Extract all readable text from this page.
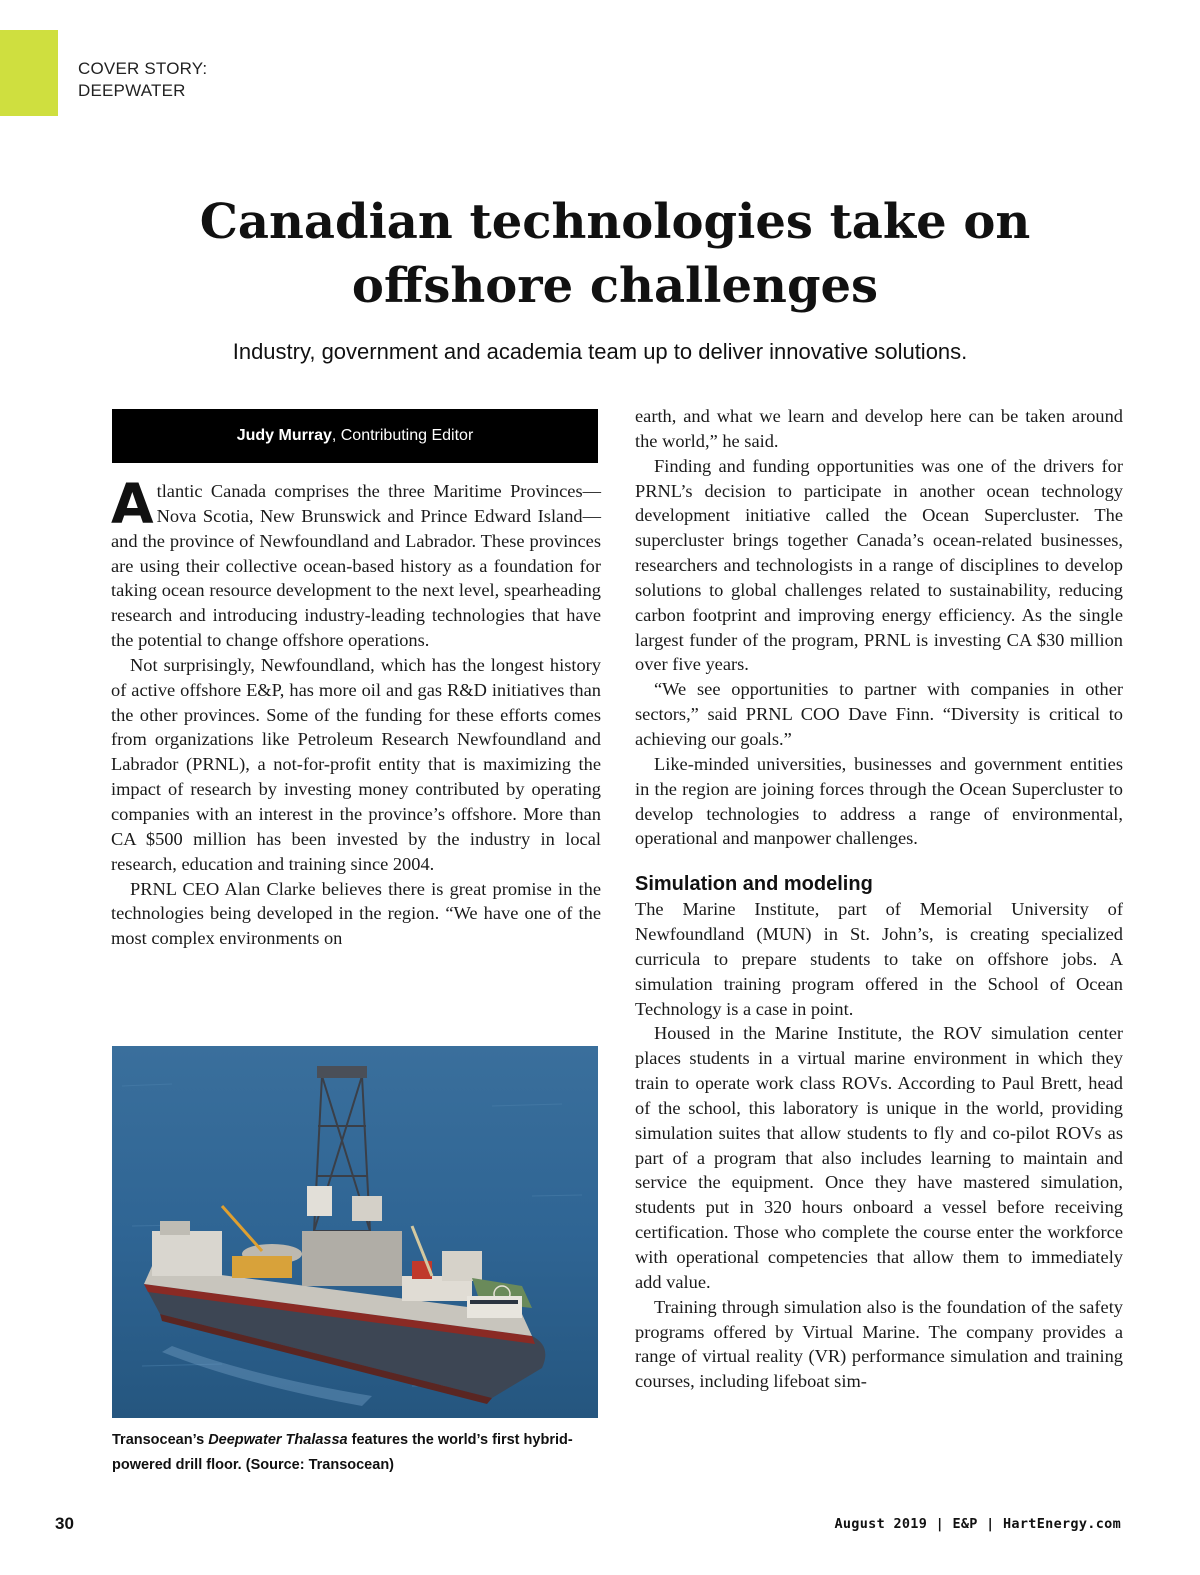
COVER STORY:
DEEPWATER
Canadian technologies take on
offshore challenges
Industry, government and academia team up to deliver innovative solutions.
Judy Murray, Contributing Editor

Atlantic Canada comprises the three Maritime Provinces—Nova Scotia, New Brunswick and Prince Edward Island—and the province of Newfoundland and Labrador. These provinces are using their collective ocean-based history as a foundation for taking ocean resource development to the next level, spearheading research and introducing industry-leading technologies that have the potential to change offshore operations.

Not surprisingly, Newfoundland, which has the longest history of active offshore E&P, has more oil and gas R&D initiatives than the other provinces. Some of the funding for these efforts comes from organizations like Petroleum Research Newfoundland and Labrador (PRNL), a not-for-profit entity that is maximizing the impact of research by investing money contributed by operating companies with an interest in the province’s offshore. More than CA $500 million has been invested by the industry in local research, education and training since 2004.

PRNL CEO Alan Clarke believes there is great promise in the technologies being developed in the region. “We have one of the most complex environments on

Transocean’s Deepwater Thalassa features the world’s first hybrid-powered drill floor. (Source: Transocean)

earth, and what we learn and develop here can be taken around the world,” he said.

Finding and funding opportunities was one of the drivers for PRNL’s decision to participate in another ocean technology development initiative called the Ocean Supercluster. The supercluster brings together Canada’s ocean-related businesses, researchers and technologists in a range of disciplines to develop solutions to global challenges related to sustainability, reducing carbon footprint and improving energy efficiency. As the single largest funder of the program, PRNL is investing CA $30 million over five years.

“We see opportunities to partner with companies in other sectors,” said PRNL COO Dave Finn. “Diversity is critical to achieving our goals.”

Like-minded universities, businesses and government entities in the region are joining forces through the Ocean Supercluster to develop technologies to address a range of environmental, operational and manpower challenges.

Simulation and modeling

The Marine Institute, part of Memorial University of Newfoundland (MUN) in St. John’s, is creating specialized curricula to prepare students to take on offshore jobs. A simulation training program offered in the School of Ocean Technology is a case in point.

Housed in the Marine Institute, the ROV simulation center places students in a virtual marine environment in which they train to operate work class ROVs. According to Paul Brett, head of the school, this laboratory is unique in the world, providing simulation suites that allow students to fly and co-pilot ROVs as part of a program that also includes learning to maintain and service the equipment. Once they have mastered simulation, students put in 320 hours onboard a vessel before receiving certification. Those who complete the course enter the workforce with operational competencies that allow them to immediately add value.

Training through simulation also is the foundation of the safety programs offered by Virtual Marine. The company provides a range of virtual reality (VR) performance simulation and training courses, including lifeboat sim-

30	August 2019 | E&P | HartEnergy.com
